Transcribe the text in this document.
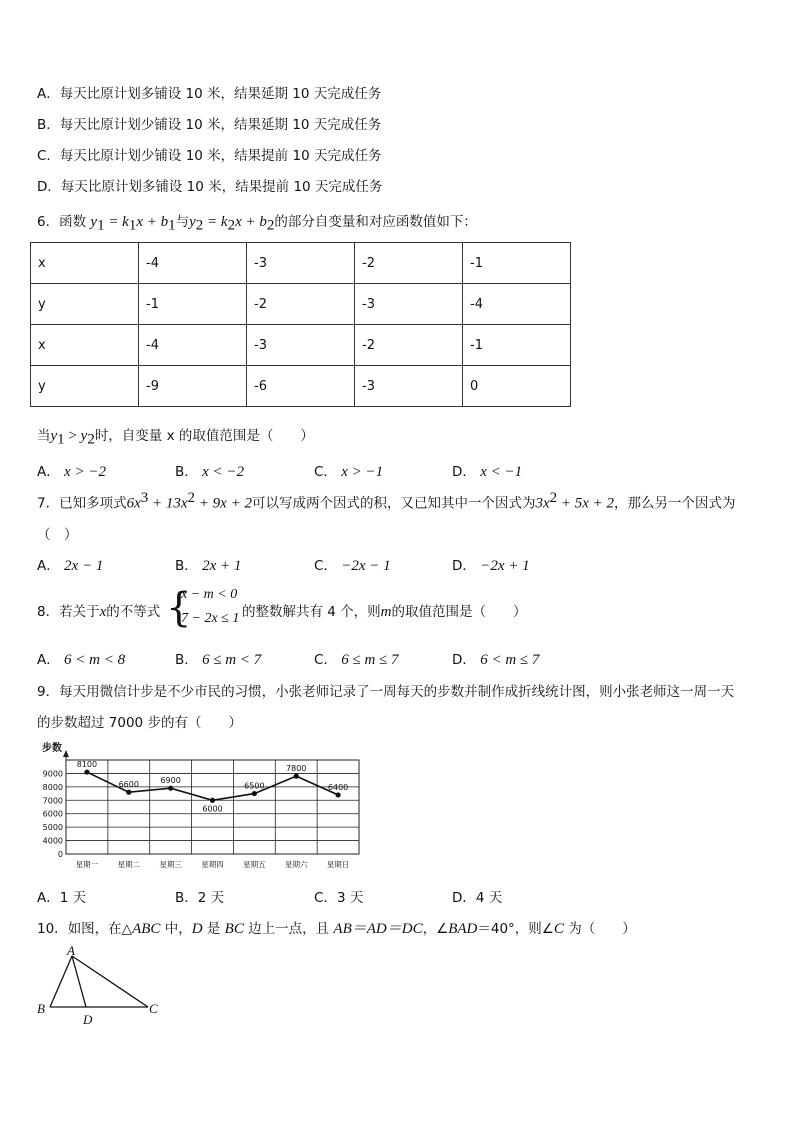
A．每天比原计划多铺设 10 米，结果延期 10 天完成任务
B．每天比原计划少铺设 10 米，结果延期 10 天完成任务
C．每天比原计划少铺设 10 米，结果提前 10 天完成任务
D．每天比原计划多铺设 10 米，结果提前 10 天完成任务
6．函数 $y_1 = k_1x + b_1$与$y_2 = k_2x + b_2$的部分自变量和对应函数值如下：
x	-4	-3	-2	-1
y	-1	-2	-3	-4
x	-4	-3	-2	-1
y	-9	-6	-3	0
当$y_1 > y_2$时，自变量 x 的取值范围是（　　）
A． x > −2	B． x < −2	C． x > −1	D． x < −1
7．已知多项式$6x^3 + 13x^2 + 9x + 2$可以写成两个因式的积，又已知其中一个因式为$3x^2 + 5x + 2$，那么另一个因式为
（　）
A． 2x − 1	B． 2x + 1	C． −2x − 1	D． −2x + 1
8．若关于x的不等式 {
x − m < 0
7 − 2x ≤ 1 的整数解共有 4 个，则m的取值范围是（　　）
A． 6 < m < 8	B． 6 ≤ m < 7	C． 6 ≤ m ≤ 7	D． 6 < m ≤ 7
9．每天用微信计步是不少市民的习惯，小张老师记录了一周每天的步数并制作成折线统计图，则小张老师这一周一天
的步数超过 7000 步的有（　　）
步数
0
4000
5000
6000
7000
8000
9000
星期一	星期二	星期三	星期四	星期五	星期六	星期日
8100
6600	6900
6000
6500
7800
6400
A．1 天	B．2 天	C．3 天	D．4 天
10．如图，在△ABC 中，D 是 BC 边上一点，且 AB＝AD＝DC，∠BAD＝40°，则∠C 为（　　）
A
B	C
D
